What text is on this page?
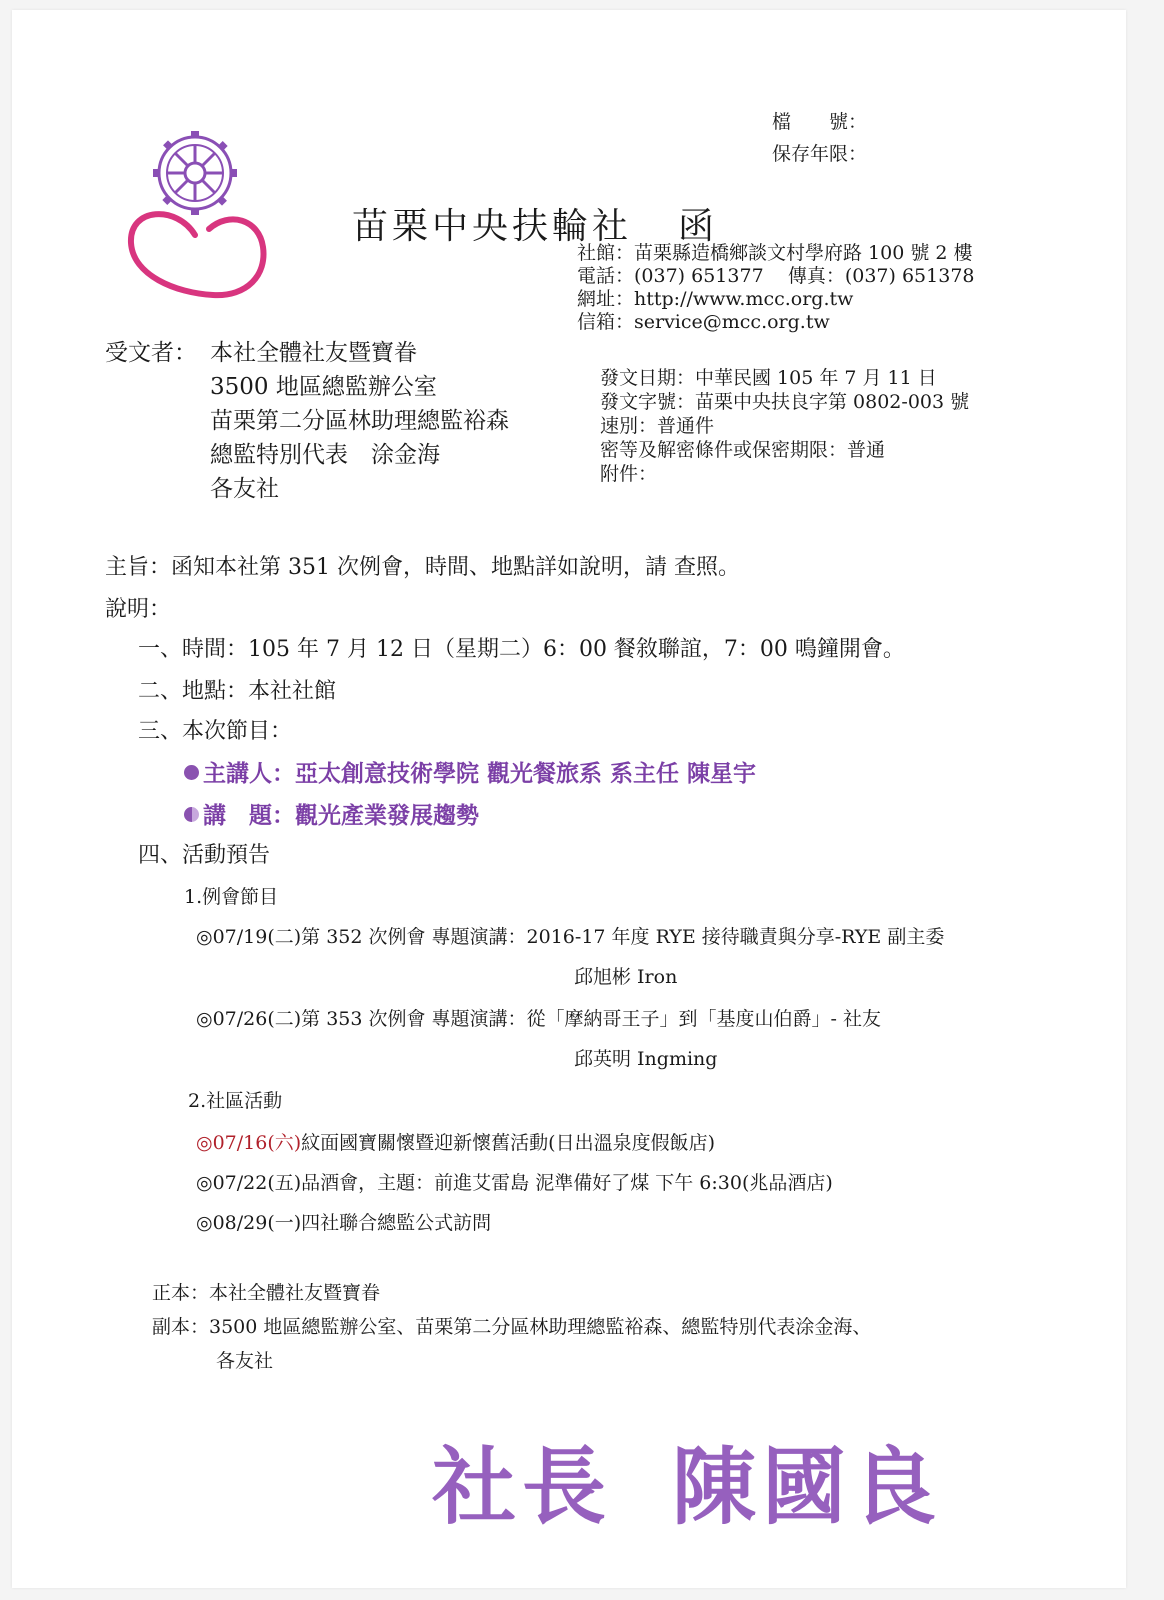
檔　　號：
保存年限：
苗栗中央扶輪社 函
社館：苗栗縣造橋鄉談文村學府路 100 號 2 樓
電話：(037) 651377 傳真：(037) 651378
網址：http://www.mcc.org.tw
信箱：service@mcc.org.tw
受文者： 本社全體社友暨寶眷
3500 地區總監辦公室
苗栗第二分區林助理總監裕森
總監特別代表　涂金海
各友社
發文日期：中華民國 105 年 7 月 11 日
發文字號：苗栗中央扶良字第 0802-003 號
速別：普通件
密等及解密條件或保密期限：普通
附件：
主旨：函知本社第 351 次例會，時間、地點詳如說明，請 查照。
說明：
一、時間：105 年 7 月 12 日（星期二）6：00 餐敘聯誼，7：00 鳴鐘開會。
二、地點：本社社館
三、本次節目：
主講人：亞太創意技術學院 觀光餐旅系 系主任 陳星宇
講　題：觀光產業發展趨勢
四、活動預告
1.例會節目
◎07/19(二)第 352 次例會 專題演講：2016-17 年度 RYE 接待職責與分享-RYE 副主委
邱旭彬 Iron
◎07/26(二)第 353 次例會 專題演講：從「摩納哥王子」到「基度山伯爵」- 社友
邱英明 Ingming
2.社區活動
◎07/16(六)紋面國寶關懷暨迎新懷舊活動(日出溫泉度假飯店)
◎07/22(五)品酒會，主題：前進艾雷島 泥準備好了煤 下午 6:30(兆品酒店)
◎08/29(一)四社聯合總監公式訪問
正本：本社全體社友暨寶眷
副本：3500 地區總監辦公室、苗栗第二分區林助理總監裕森、總監特別代表涂金海、
各友社
社長 陳國良
